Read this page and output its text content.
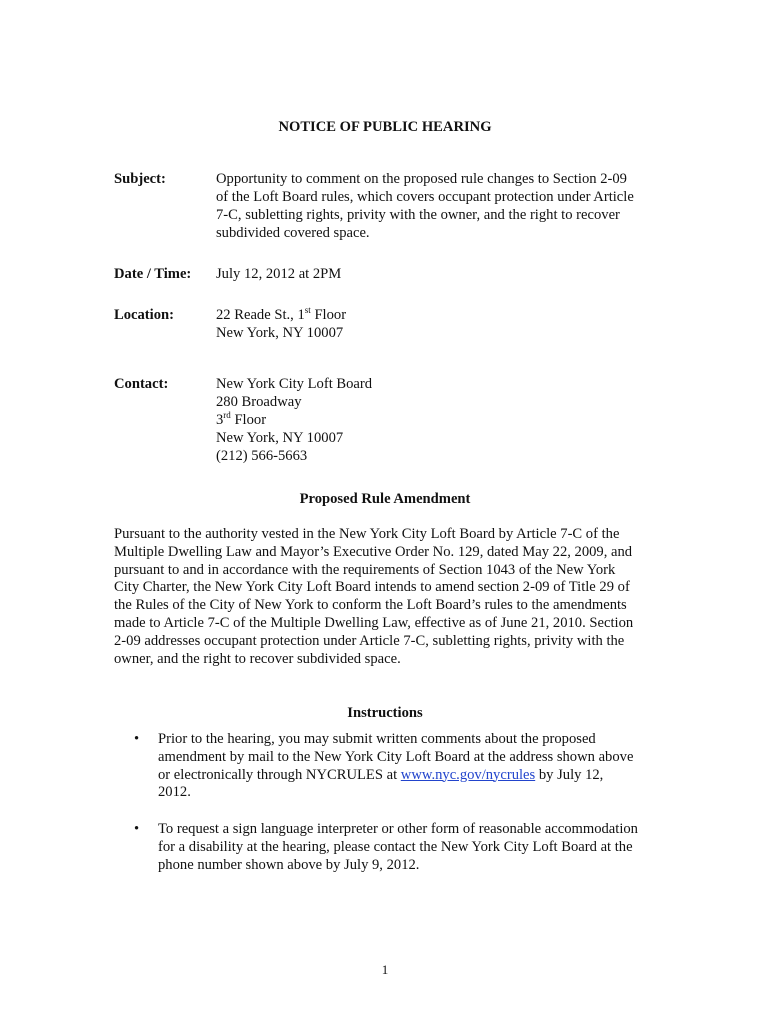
NOTICE OF PUBLIC HEARING
Subject:	Opportunity to comment on the proposed rule changes to Section 2-09
of the Loft Board rules, which covers occupant protection under Article
7-C, subletting rights, privity with the owner, and the right to recover
subdivided covered space.
Date / Time: July 12, 2012 at 2PM
Location:	22 Reade St., 1st Floor
New York, NY 10007
Contact:	New York City Loft Board
280 Broadway
3rd Floor
New York, NY 10007
(212) 566-5663
Proposed Rule Amendment
Pursuant to the authority vested in the New York City Loft Board by Article 7-C of the
Multiple Dwelling Law and Mayor’s Executive Order No. 129, dated May 22, 2009, and
pursuant to and in accordance with the requirements of Section 1043 of the New York
City Charter, the New York City Loft Board intends to amend section 2-09 of Title 29 of
the Rules of the City of New York to conform the Loft Board’s rules to the amendments
made to Article 7-C of the Multiple Dwelling Law, effective as of June 21, 2010. Section
2-09 addresses occupant protection under Article 7-C, subletting rights, privity with the
owner, and the right to recover subdivided space.
Instructions
• Prior to the hearing, you may submit written comments about the proposed
amendment by mail to the New York City Loft Board at the address shown above
or electronically through NYCRULES at www.nyc.gov/nycrules by July 12,
2012.
• To request a sign language interpreter or other form of reasonable accommodation
for a disability at the hearing, please contact the New York City Loft Board at the
phone number shown above by July 9, 2012.
1
